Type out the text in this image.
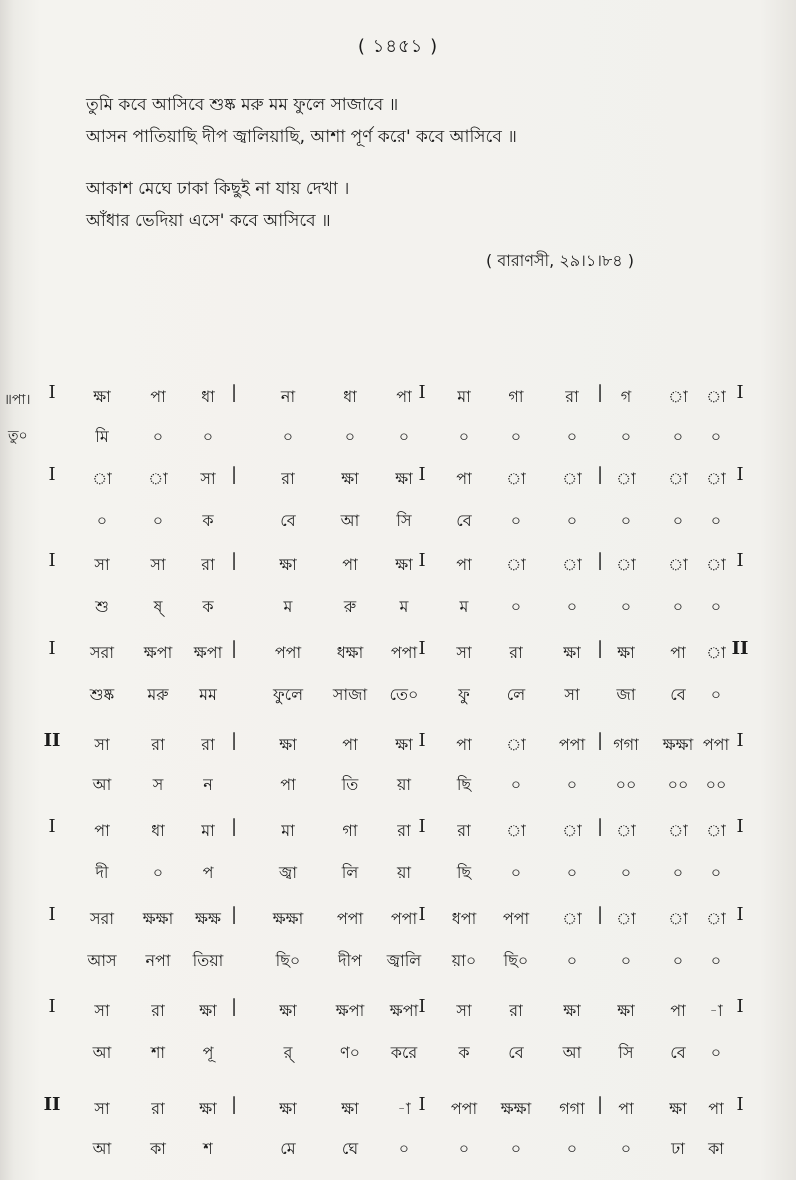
( ১৪৫১ )
তুমি কবে আসিবে শুষ্ক মরু মম ফুলে সাজাবে ॥
আসন পাতিয়াছি দীপ জ্বালিয়াছি, আশা পূর্ণ করে' কবে আসিবে ॥
আকাশ মেঘে ঢাকা কিছুই না যায় দেখা ।
আঁধার ভেদিয়া এসে' কবে আসিবে ॥
( বারাণসী, ২৯।১।৮৪ )
॥পা।
তু০
I ক্ষা পা ধা |	না	ধা পা I মা গা	রা | গ া া I
মি	০ ০	০	০	০	০	০	০	০	০ ০
I া া সা |	রা	ক্ষা ক্ষা I পা া া | া া া I
০	০ ক	বে	আ সি	বে ০	০	০	০ ০
I সা	সা রা |	ক্ষা	পা ক্ষা I পা া া | া া া I
শু	ষ্ ক	ম	রু	ম	ম	০	০	০	০ ০
I সরা ক্ষপা ক্ষপা | পপা ধক্ষা পপা I সা রা	ক্ষা | ক্ষা পা া II
শুষ্ক মরু মম	ফুলে সাজা তে০ ফু লে সা জা বে ০
II সা	রা রা |	ক্ষা	পা ক্ষা I পা া পপা | গগা ক্ষক্ষা পপা I
আ	স ন	পা	তি য়া	ছি ০	০ ০০ ০০ ০০
I পা	ধা মা |	মা	গা রা I রা া া | া া া I
দী	০ প	জ্বা	লি য়া	ছি ০	০	০	০ ০
I সরা ক্ষক্ষা ক্ষক্ষ | ক্ষক্ষা পপা পপা I ধপা পপা া | া া া I
আস নপা তিয়া	ছি০ দীপ জ্বালি য়া০ ছি০ ০	০	০ ০
I সা	রা ক্ষা |	ক্ষা ক্ষপা ক্ষপা I সা রা	ক্ষা ক্ষা পা -া I
আ শা পূ	র্	ণ০ করে	ক বে আ সি বে ০
II সা	রা ক্ষা |	ক্ষা	ক্ষা -া I পপা ক্ষক্ষা গগা | পা ক্ষা পা I
আ কা শ	মে	ঘে	০	০	০	০	০ ঢা কা
